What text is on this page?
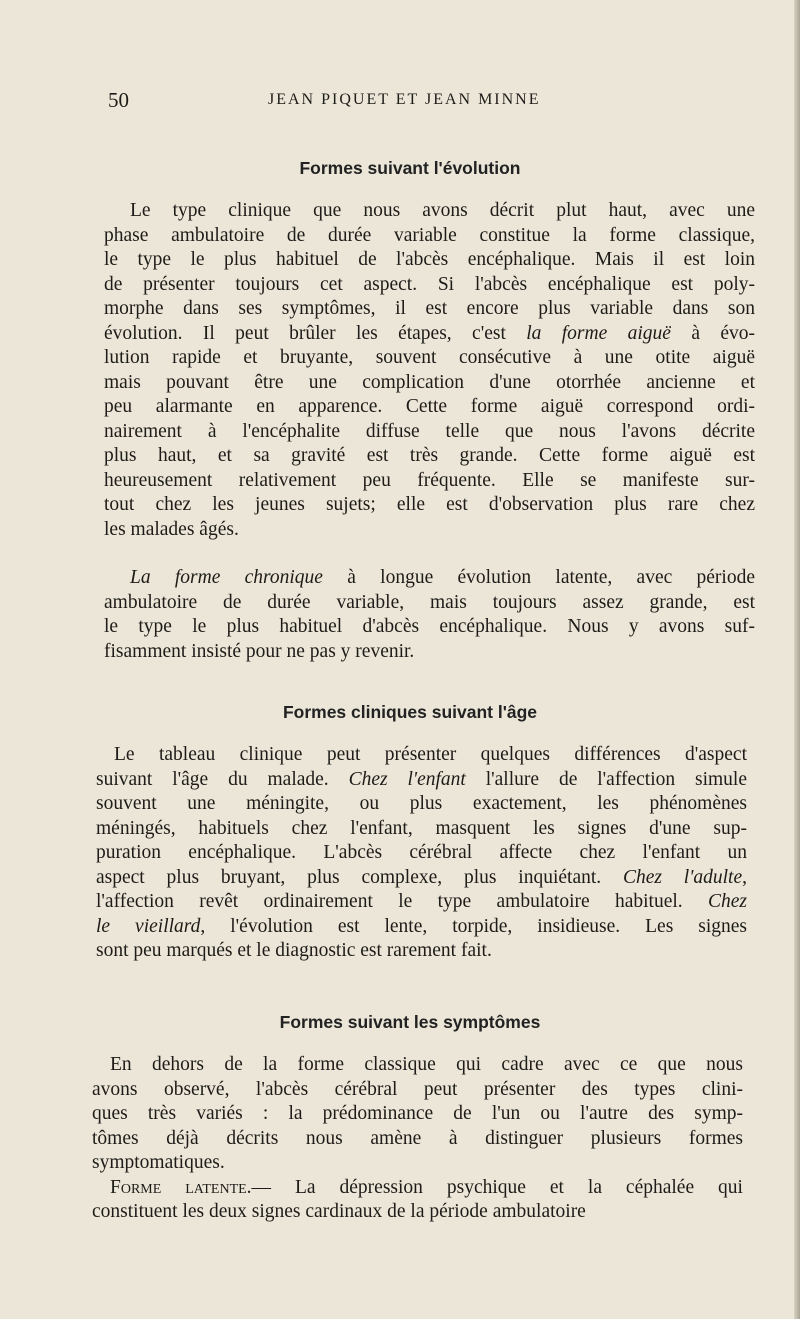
50	JEAN PIQUET ET JEAN MINNE
Formes suivant l'évolution
Le type clinique que nous avons décrit plut haut, avec une
phase ambulatoire de durée variable constitue la forme classique,
le type le plus habituel de l'abcès encéphalique. Mais il est loin
de présenter toujours cet aspect. Si l'abcès encéphalique est poly-
morphe dans ses symptômes, il est encore plus variable dans son
évolution. Il peut brûler les étapes, c'est la forme aiguë à évo-
lution rapide et bruyante, souvent consécutive à une otite aiguë
mais pouvant être une complication d'une otorrhée ancienne et
peu alarmante en apparence. Cette forme aiguë correspond ordi-
nairement à l'encéphalite diffuse telle que nous l'avons décrite
plus haut, et sa gravité est très grande. Cette forme aiguë est
heureusement relativement peu fréquente. Elle se manifeste sur-
tout chez les jeunes sujets; elle est d'observation plus rare chez
les malades âgés.
La forme chronique à longue évolution latente, avec période
ambulatoire de durée variable, mais toujours assez grande, est
le type le plus habituel d'abcès encéphalique. Nous y avons suf-
fisamment insisté pour ne pas y revenir.
Formes cliniques suivant l'âge
Le tableau clinique peut présenter quelques différences d'aspect
suivant l'âge du malade. Chez l'enfant l'allure de l'affection simule
souvent une méningite, ou plus exactement, les phénomènes
méningés, habituels chez l'enfant, masquent les signes d'une sup-
puration encéphalique. L'abcès cérébral affecte chez l'enfant un
aspect plus bruyant, plus complexe, plus inquiétant. Chez l'adulte,
l'affection revêt ordinairement le type ambulatoire habituel. Chez
le vieillard, l'évolution est lente, torpide, insidieuse. Les signes
sont peu marqués et le diagnostic est rarement fait.
Formes suivant les symptômes
En dehors de la forme classique qui cadre avec ce que nous
avons observé, l'abcès cérébral peut présenter des types clini-
ques très variés : la prédominance de l'un ou l'autre des symp-
tômes déjà décrits nous amène à distinguer plusieurs formes
symptomatiques.
Forme latente.— La dépression psychique et la céphalée qui
constituent les deux signes cardinaux de la période ambulatoire
